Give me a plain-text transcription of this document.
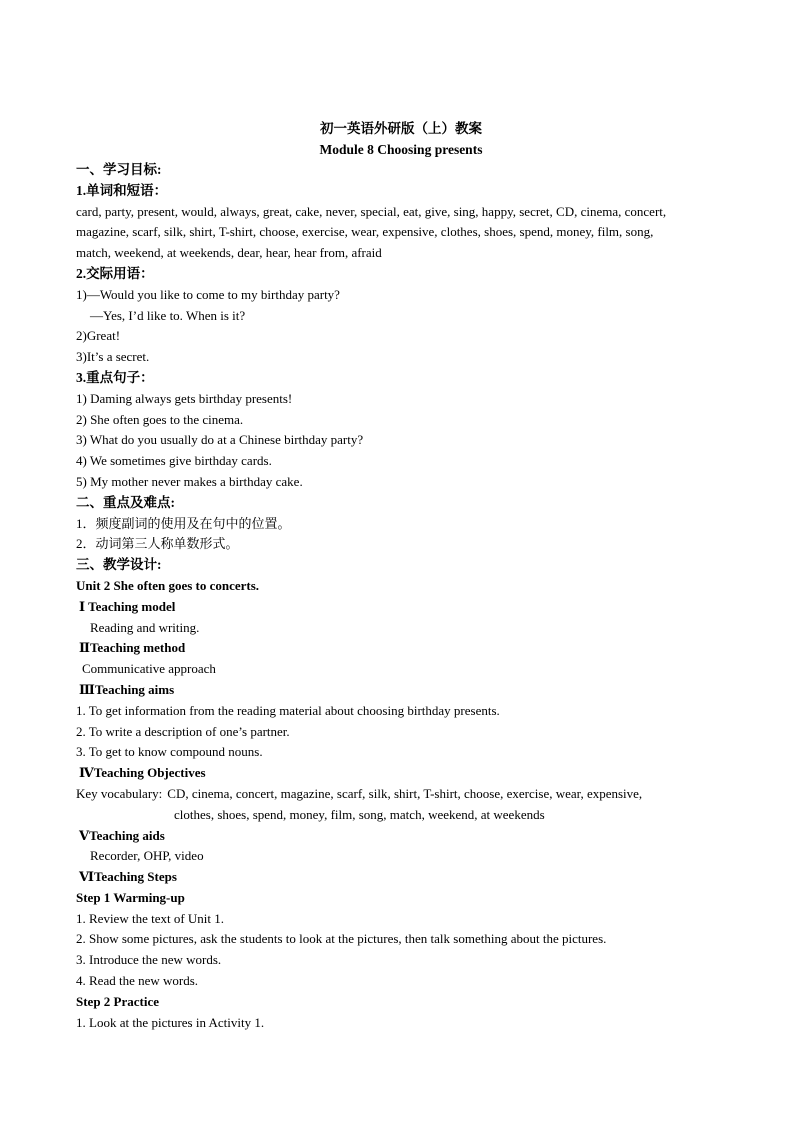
初一英语外研版（上）教案
Module 8 Choosing presents
一、学习目标:
1.单词和短语：
card, party, present, would, always, great, cake, never, special, eat, give, sing, happy, secret, CD, cinema, concert,
magazine, scarf, silk, shirt, T-shirt, choose, exercise, wear, expensive, clothes, shoes, spend, money, film, song,
match, weekend, at weekends, dear, hear, hear from, afraid
2.交际用语：
1)—Would you like to come to my birthday party?
—Yes, I’d like to. When is it?
2)Great!
3)It’s a secret.
3.重点句子：
1) Daming always gets birthday presents!
2) She often goes to the cinema.
3) What do you usually do at a Chinese birthday party?
4) We sometimes give birthday cards.
5) My mother never makes a birthday cake.
二、重点及难点:
1．频度副词的使用及在句中的位置。
2．动词第三人称单数形式。
三、教学设计:
Unit 2 She often goes to concerts.
Ⅰ Teaching model
Reading and writing.
ⅡTeaching method
Communicative approach
ⅢTeaching aims
1. To get information from the reading material about choosing birthday presents.
2. To write a description of one’s partner.
3. To get to know compound nouns.
ⅣTeaching Objectives
Key vocabulary: CD, cinema, concert, magazine, scarf, silk, shirt, T-shirt, choose, exercise, wear, expensive,
clothes, shoes, spend, money, film, song, match, weekend, at weekends
ⅤTeaching aids
Recorder, OHP, video
ⅥTeaching Steps
Step 1 Warming-up
1. Review the text of Unit 1.
2. Show some pictures, ask the students to look at the pictures, then talk something about the pictures.
3. Introduce the new words.
4. Read the new words.
Step 2 Practice
1. Look at the pictures in Activity 1.
